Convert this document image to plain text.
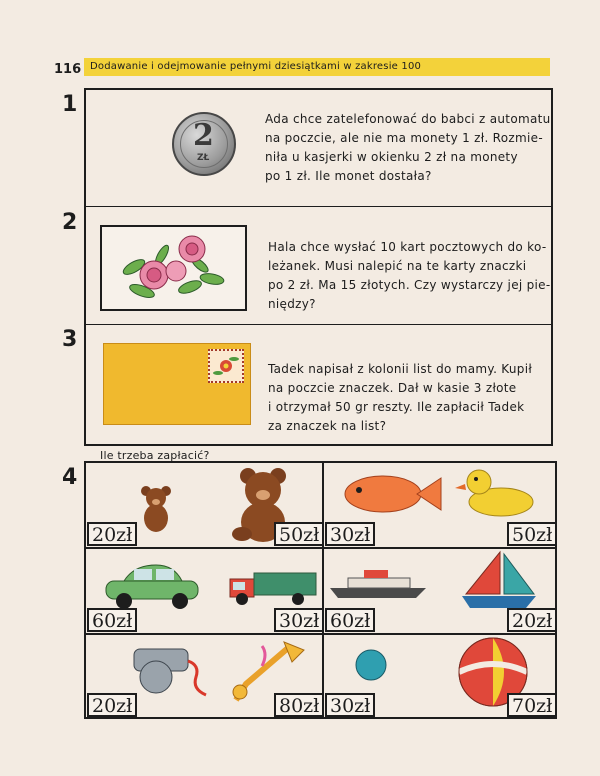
116 Dodawanie i odejmowanie pełnymi dziesiątkami w zakresie 100
1
2
3
4
2
ZŁ
Ada chce zatelefonować do babci z automatu
na poczcie, ale nie ma monety 1 zł. Rozmie-
niła u kasjerki w okienku 2 zł na monety
po 1 zł. Ile monet dostała?
Hala chce wysłać 10 kart pocztowych do ko-
leżanek. Musi nalepić na te karty znaczki
po 2 zł. Ma 15 złotych. Czy wystarczy jej pie-
niędzy?
Tadek napisał z kolonii list do mamy. Kupił
na poczcie znaczek. Dał w kasie 3 złote
i otrzymał 50 gr reszty. Ile zapłacił Tadek
za znaczek na list?
Ile trzeba zapłacić?
20zł	50zł 30zł	50zł
60zł	30zł 60zł	20zł
20zł	80zł 30zł	70zł
